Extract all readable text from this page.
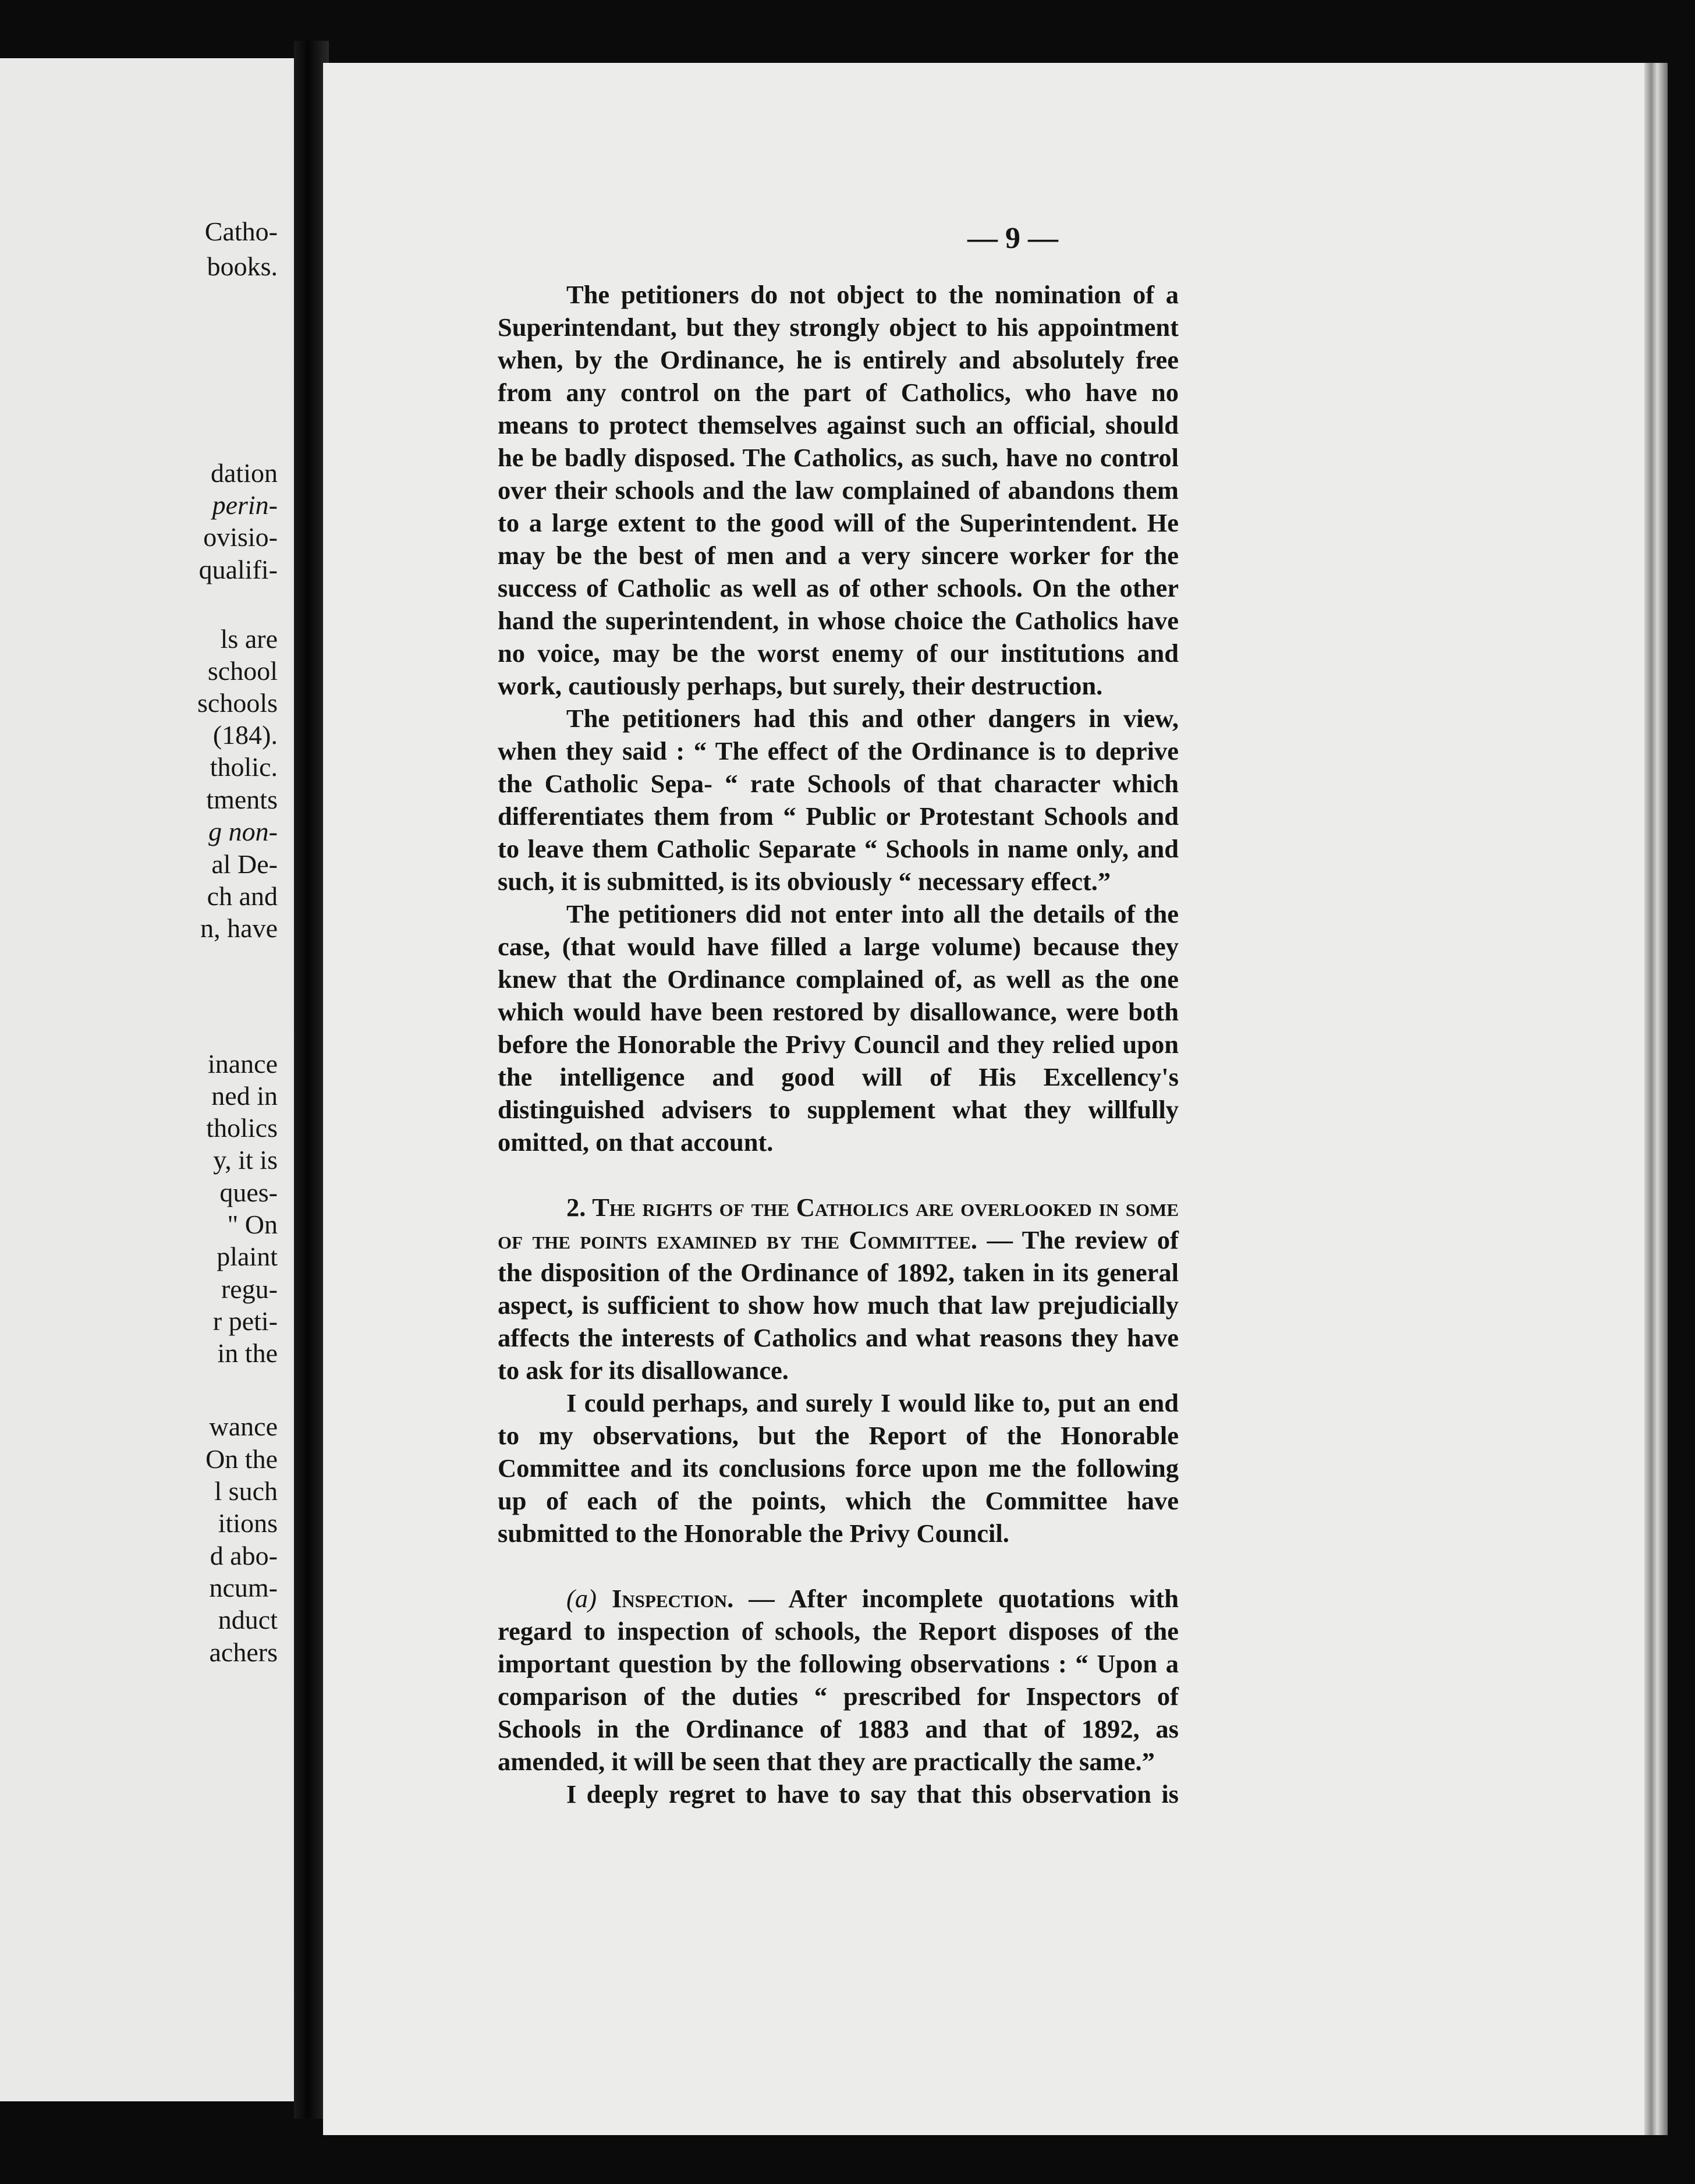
Catho-
books.
dation
perin-
ovisio-
qualifi-
ls are
school
schools
(184).
tholic.
tments
g non-
al De-
ch and
n, have
inance
ned in
tholics
y, it is
ques-
" On
plaint
regu-
r peti-
in the
wance
On the
l such
itions
d abo-
ncum-
nduct
achers

— 9 —

The petitioners do not object to the nomination of a Superintendant, but they strongly object to his appointment when, by the Ordinance, he is entirely and absolutely free from any control on the part of Catholics, who have no means to protect themselves against such an official, should he be badly disposed. The Catholics, as such, have no control over their schools and the law complained of abandons them to a large extent to the good will of the Superintendent. He may be the best of men and a very sincere worker for the success of Catholic as well as of other schools. On the other hand the superintendent, in whose choice the Catholics have no voice, may be the worst enemy of our institutions and work, cautiously perhaps, but surely, their destruction.

The petitioners had this and other dangers in view, when they said : “ The effect of the Ordinance is to deprive the Catholic Sepa- “ rate Schools of that character which differentiates them from “ Public or Protestant Schools and to leave them Catholic Separate “ Schools in name only, and such, it is submitted, is its obviously “ necessary effect.”

The petitioners did not enter into all the details of the case, (that would have filled a large volume) because they knew that the Ordinance complained of, as well as the one which would have been restored by disallowance, were both before the Honorable the Privy Council and they relied upon the intelligence and good will of His Excellency's distinguished advisers to supplement what they willfully omitted, on that account.

2. The rights of the Catholics are overlooked in some of the points examined by the Committee. — The review of the disposition of the Ordinance of 1892, taken in its general aspect, is sufficient to show how much that law prejudicially affects the interests of Catholics and what reasons they have to ask for its disallowance.

I could perhaps, and surely I would like to, put an end to my observations, but the Report of the Honorable Committee and its conclusions force upon me the following up of each of the points, which the Committee have submitted to the Honorable the Privy Council.

(a) Inspection. — After incomplete quotations with regard to inspection of schools, the Report disposes of the important question by the following observations : “ Upon a comparison of the duties “ prescribed for Inspectors of Schools in the Ordinance of 1883 and that of 1892, as amended, it will be seen that they are practically the same.”

I deeply regret to have to say that this observation is
